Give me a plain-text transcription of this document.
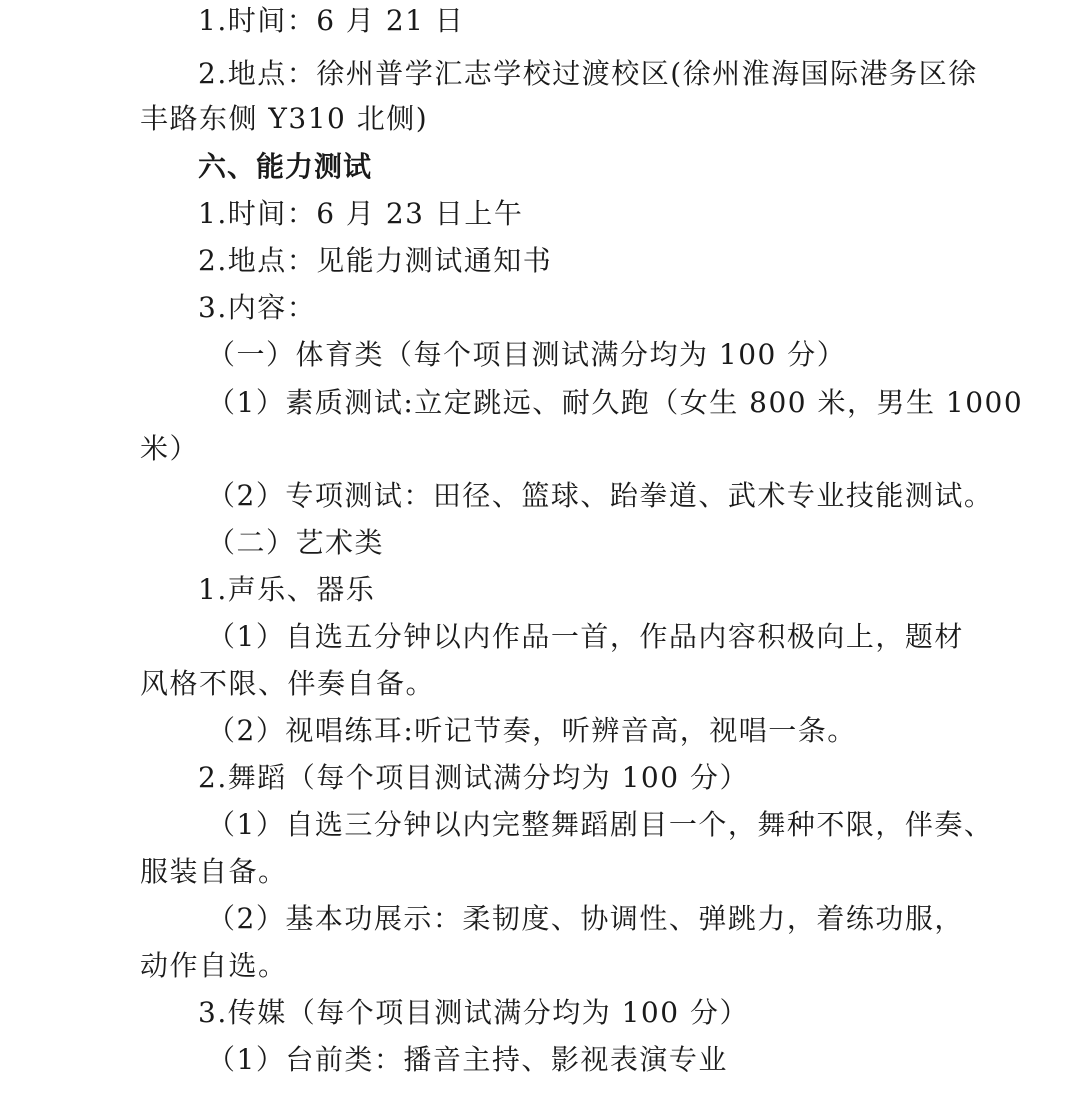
1.时间：6 月 21 日
2.地点：徐州普学汇志学校过渡校区(徐州淮海国际港务区徐
丰路东侧 Y310 北侧)
六、能力测试
1.时间：6 月 23 日上午
2.地点：见能力测试通知书
3.内容：
（一）体育类（每个项目测试满分均为 100 分）
（1）素质测试:立定跳远、耐久跑（女生 800 米，男生 1000
米）
（2）专项测试：田径、篮球、跆拳道、武术专业技能测试。
（二）艺术类
1.声乐、器乐
（1）自选五分钟以内作品一首，作品内容积极向上，题材
风格不限、伴奏自备。
（2）视唱练耳:听记节奏，听辨音高，视唱一条。
2.舞蹈（每个项目测试满分均为 100 分）
（1）自选三分钟以内完整舞蹈剧目一个，舞种不限，伴奏、
服装自备。
（2）基本功展示：柔韧度、协调性、弹跳力，着练功服，
动作自选。
3.传媒（每个项目测试满分均为 100 分）
（1）台前类：播音主持、影视表演专业
